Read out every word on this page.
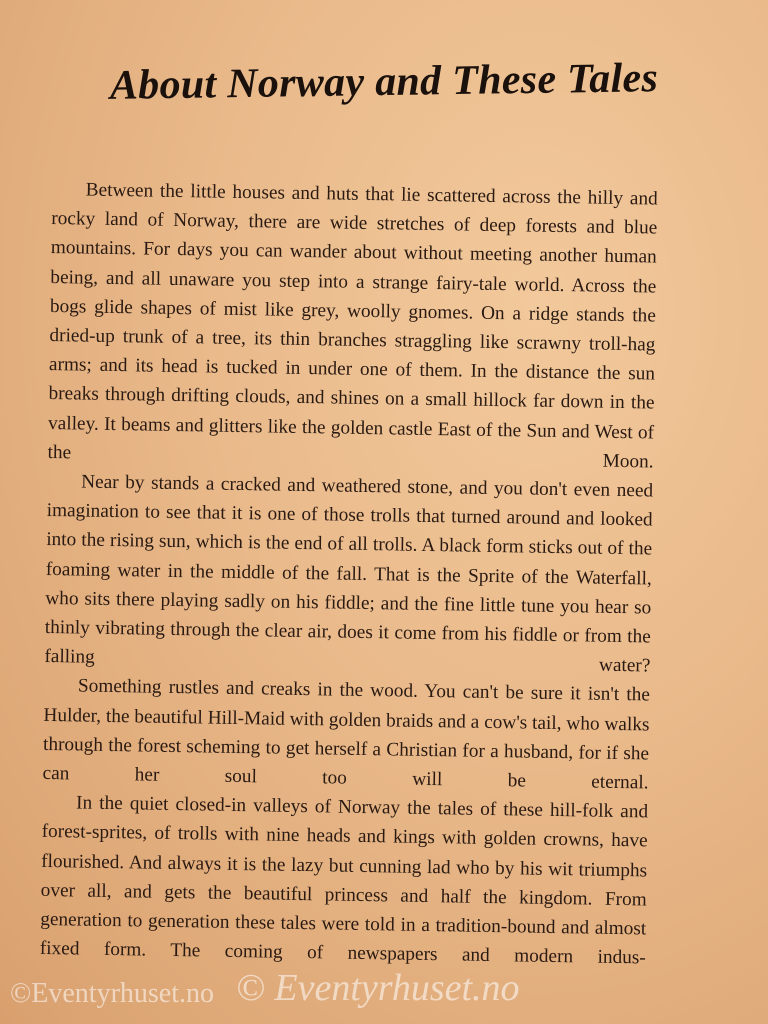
About Norway and These Tales

Between the little houses and huts that lie scattered across the hilly and rocky land of Norway, there are wide stretches of deep forests and blue mountains. For days you can wander about without meeting another human being, and all unaware you step into a strange fairy-tale world. Across the bogs glide shapes of mist like grey, woolly gnomes. On a ridge stands the dried-up trunk of a tree, its thin branches straggling like scrawny troll-hag arms; and its head is tucked in under one of them. In the distance the sun breaks through drifting clouds, and shines on a small hillock far down in the valley. It beams and glitters like the golden castle East of the Sun and West of the Moon.

Near by stands a cracked and weathered stone, and you don't even need imagination to see that it is one of those trolls that turned around and looked into the rising sun, which is the end of all trolls. A black form sticks out of the foaming water in the middle of the fall. That is the Sprite of the Waterfall, who sits there playing sadly on his fiddle; and the fine little tune you hear so thinly vibrating through the clear air, does it come from his fiddle or from the falling water?

Something rustles and creaks in the wood. You can't be sure it isn't the Hulder, the beautiful Hill-Maid with golden braids and a cow's tail, who walks through the forest scheming to get herself a Christian for a husband, for if she can her soul too will be eternal.

In the quiet closed-in valleys of Norway the tales of these hill-folk and forest-sprites, of trolls with nine heads and kings with golden crowns, have flourished. And always it is the lazy but cunning lad who by his wit triumphs over all, and gets the beautiful princess and half the kingdom. From generation to generation these tales were told in a tradition-bound and almost fixed form. The coming of newspapers and modern indus-

©Eventyrhuset.no © Eventyrhuset.no
